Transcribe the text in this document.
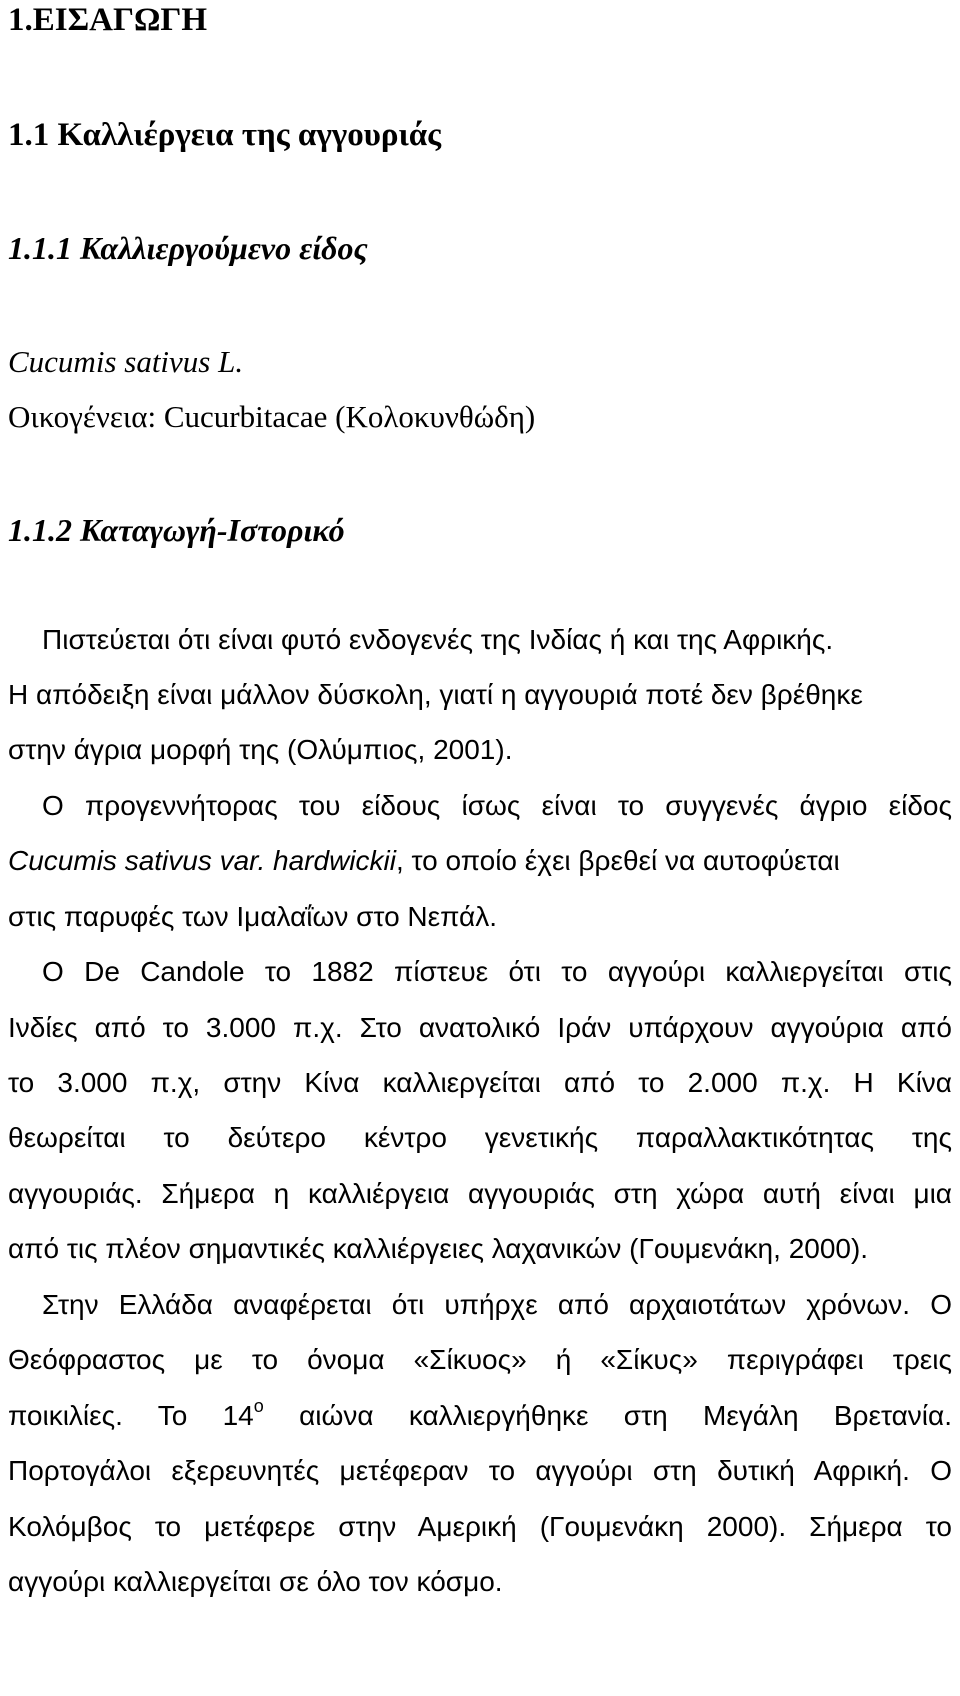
1.ΕΙΣΑΓΩΓΗ
1.1 Καλλιέργεια της αγγουριάς
1.1.1 Καλλιεργούμενο είδος
Cucumis sativus L.
Οικογένεια: Cucurbitacae (Κολοκυνθώδη)
1.1.2 Καταγωγή-Ιστορικό
Πιστεύεται ότι είναι φυτό ενδογενές της Ινδίας ή και της Αφρικής.
Η απόδειξη είναι μάλλον δύσκολη, γιατί η αγγουριά ποτέ δεν βρέθηκε
στην άγρια μορφή της (Ολύμπιος, 2001).
Ο προγεννήτορας του είδους ίσως είναι το συγγενές άγριο είδος
Cucumis sativus var. hardwickii, το οποίο έχει βρεθεί να αυτοφύεται
στις παρυφές των Ιμαλαΐων στο Νεπάλ.
Ο De Candole το 1882 πίστευε ότι το αγγούρι καλλιεργείται στις
Ινδίες από το 3.000 π.χ. Στο ανατολικό Ιράν υπάρχουν αγγούρια από
το 3.000 π.χ, στην Κίνα καλλιεργείται από το 2.000 π.χ. Η Κίνα
θεωρείται το δεύτερο κέντρο γενετικής παραλλακτικότητας της
αγγουριάς. Σήμερα η καλλιέργεια αγγουριάς στη χώρα αυτή είναι μια
από τις πλέον σημαντικές καλλιέργειες λαχανικών (Γουμενάκη, 2000).
Στην Ελλάδα αναφέρεται ότι υπήρχε από αρχαιοτάτων χρόνων. Ο
Θεόφραστος με το όνομα «Σίκυος» ή «Σίκυς» περιγράφει τρεις
ποικιλίες. Το $14^o$ αιώνα καλλιεργήθηκε στη Μεγάλη Βρετανία.
Πορτογάλοι εξερευνητές μετέφεραν το αγγούρι στη δυτική Αφρική. Ο
Κολόμβος το μετέφερε στην Αμερική (Γουμενάκη 2000). Σήμερα το
αγγούρι καλλιεργείται σε όλο τον κόσμο.
